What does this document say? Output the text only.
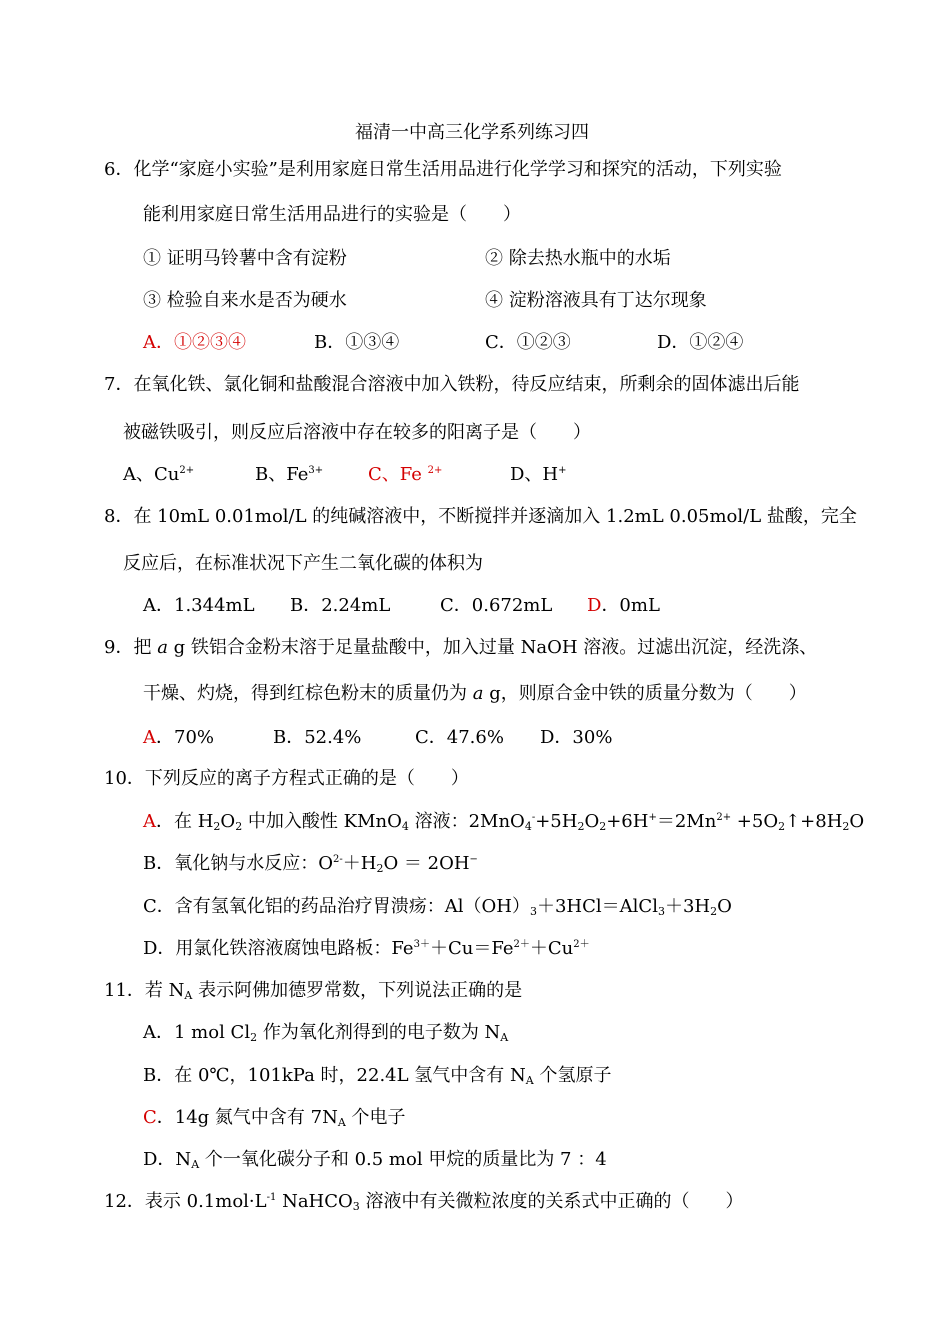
福清一中高三化学系列练习四
6．化学“家庭小实验”是利用家庭日常生活用品进行化学学习和探究的活动，下列实验
能利用家庭日常生活用品进行的实验是（　　）
① 证明马铃薯中含有淀粉	② 除去热水瓶中的水垢
③ 检验自来水是否为硬水	④ 淀粉溶液具有丁达尔现象
A．①②③④	B．①③④	C．①②③	D．①②④
7．在氧化铁、氯化铜和盐酸混合溶液中加入铁粉，待反应结束，所剩余的固体滤出后能
被磁铁吸引，则反应后溶液中存在较多的阳离子是（　　）
A、$Cu^{2+}$	B、$Fe^{3+}$ C、Fe $^{2+}$	D、H+
8．在 10mL 0.01mol/L 的纯碱溶液中，不断搅拌并逐滴加入 1.2mL 0.05mol/L 盐酸，完全
反应后，在标准状况下产生二氧化碳的体积为
A．1.344mL B．2.24mL	C．0.672mL D．0mL
9．把 a g 铁铝合金粉末溶于足量盐酸中，加入过量 NaOH 溶液。过滤出沉淀，经洗涤、
干燥、灼烧，得到红棕色粉末的质量仍为 a g，则原合金中铁的质量分数为（　　）
A．70%	B．52.4%	C．47.6% D．30%
10．下列反应的离子方程式正确的是（　　）
A．在 $H_2O_2$ 中加入酸性 KMnO$_4$ 溶液：$2MnO_4^-+5H_2O_2+6H^+=2Mn^{2+}$ $+5O_2↑+8H_2O$
B．氧化钠与水反应：$O^{2-}+H_2O = 2OH^-$
C．含有氢氧化铝的药品治疗胃溃疡：$Al(OH)_3+3HCl=AlCl_3+3H_2O$
D．用氯化铁溶液腐蚀电路板：$Fe^{3+}+Cu=Fe^{2+}+Cu^{2+}$
11．若 $N_A$ 表示阿佛加德罗常数，下列说法正确的是
A．1 mol $Cl_2$ 作为氧化剂得到的电子数为 $N_A$
B．在 0℃，101kPa 时，22.4L 氢气中含有 $N_A$ 个氢原子
C．14g 氮气中含有 $7N_A$ 个电子
D．$N_A$ 个一氧化碳分子和 0.5 mol 甲烷的质量比为 7 ：4
12．表示 $0.1mol\cdot L^{-1}$ NaHCO$_3$ 溶液中有关微粒浓度的关系式中正确的（　　）
